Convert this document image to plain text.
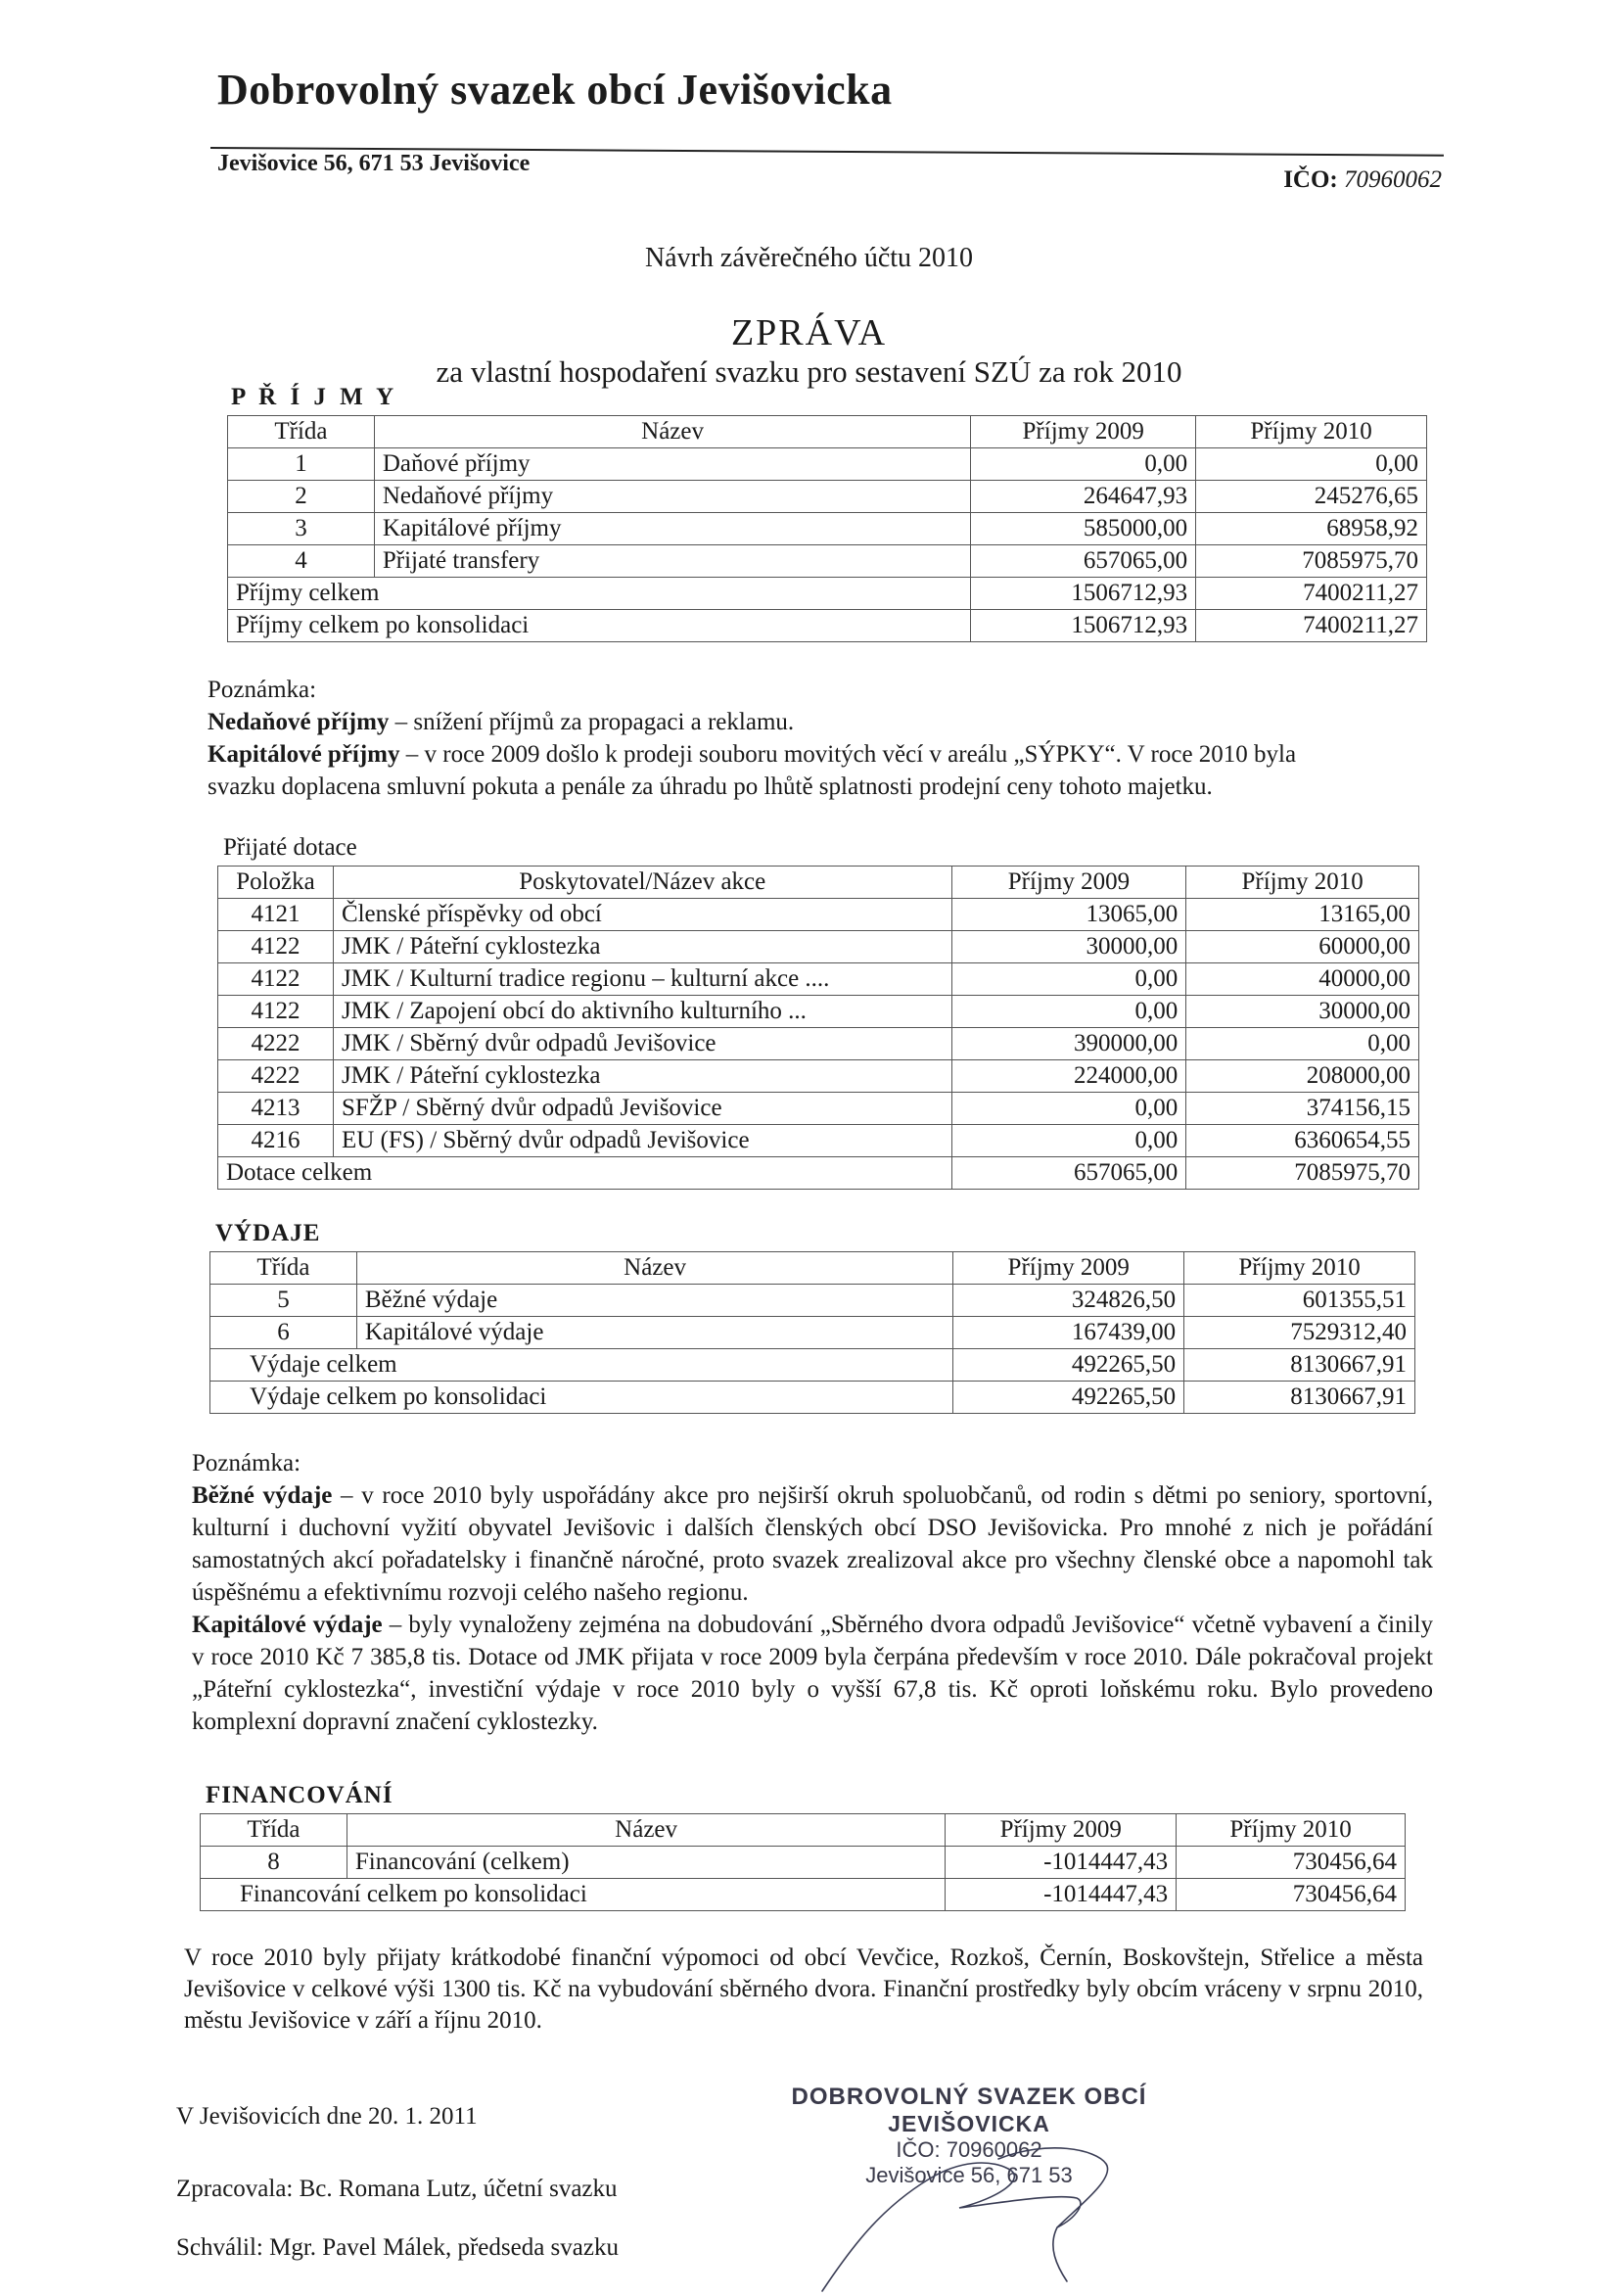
Dobrovolný svazek obcí Jevišovicka
Jevišovice 56, 671 53 Jevišovice
IČO: 70960062
Návrh závěrečného účtu 2010
ZPRÁVA
za vlastní hospodaření svazku pro sestavení SZÚ za rok 2010
P Ř Í J M Y
Třída	Název	Příjmy 2009	Příjmy 2010
1	Daňové příjmy	0,00	0,00
2	Nedaňové příjmy	264647,93	245276,65
3	Kapitálové příjmy	585000,00	68958,92
4	Přijaté transfery	657065,00	7085975,70
Příjmy celkem		1506712,93	7400211,27
Příjmy celkem po konsolidaci		1506712,93	7400211,27
Poznámka:
Nedaňové příjmy – snížení příjmů za propagaci a reklamu.
Kapitálové příjmy – v roce 2009 došlo k prodeji souboru movitých věcí v areálu „SÝPKY“. V roce 2010 byla
svazku doplacena smluvní pokuta a penále za úhradu po lhůtě splatnosti prodejní ceny tohoto majetku.
Přijaté dotace
Položka	Poskytovatel/Název akce	Příjmy 2009	Příjmy 2010
4121	Členské příspěvky od obcí	13065,00	13165,00
4122	JMK / Páteřní cyklostezka	30000,00	60000,00
4122	JMK / Kulturní tradice regionu – kulturní akce ....	0,00	40000,00
4122	JMK / Zapojení obcí do aktivního kulturního ...	0,00	30000,00
4222	JMK / Sběrný dvůr odpadů Jevišovice	390000,00	0,00
4222	JMK / Páteřní cyklostezka	224000,00	208000,00
4213	SFŽP / Sběrný dvůr odpadů Jevišovice	0,00	374156,15
4216	EU (FS) / Sběrný dvůr odpadů Jevišovice	0,00	6360654,55
Dotace celkem		657065,00	7085975,70
VÝDAJE
Třída	Název	Příjmy 2009	Příjmy 2010
5	Běžné výdaje	324826,50	601355,51
6	Kapitálové výdaje	167439,00	7529312,40
Výdaje celkem		492265,50	8130667,91
Výdaje celkem po konsolidaci		492265,50	8130667,91
Poznámka:
Běžné výdaje – v roce 2010 byly uspořádány akce pro nejširší okruh spoluobčanů, od rodin s dětmi po seniory, sportovní, kulturní i duchovní vyžití obyvatel Jevišovic i dalších členských obcí DSO Jevišovicka. Pro mnohé z nich je pořádání samostatných akcí pořadatelsky i finančně náročné, proto svazek zrealizoval akce pro všechny členské obce a napomohl tak úspěšnému a efektivnímu rozvoji celého našeho regionu.
Kapitálové výdaje – byly vynaloženy zejména na dobudování „Sběrného dvora odpadů Jevišovice“ včetně vybavení a činily v roce 2010 Kč 7 385,8 tis. Dotace od JMK přijata v roce 2009 byla čerpána především v roce 2010. Dále pokračoval projekt „Páteřní cyklostezka“, investiční výdaje v roce 2010 byly o vyšší 67,8 tis. Kč oproti loňskému roku. Bylo provedeno komplexní dopravní značení cyklostezky.
FINANCOVÁNÍ
Třída	Název	Příjmy 2009	Příjmy 2010
8	Financování (celkem)	-1014447,43	730456,64
Financování celkem po konsolidaci		-1014447,43	730456,64
V roce 2010 byly přijaty krátkodobé finanční výpomoci od obcí Vevčice, Rozkoš, Černín, Boskovštejn, Střelice a města Jevišovice v celkové výši 1300 tis. Kč na vybudování sběrného dvora. Finanční prostředky byly obcím vráceny v srpnu 2010, městu Jevišovice v září a říjnu 2010.
V Jevišovicích dne 20. 1. 2011
Zpracovala: Bc. Romana Lutz, účetní svazku
Schválil: Mgr. Pavel Málek, předseda svazku
DOBROVOLNÝ SVAZEK OBCÍ
JEVIŠOVICKA
IČO: 70960062
Jevišovice 56, 671 53
